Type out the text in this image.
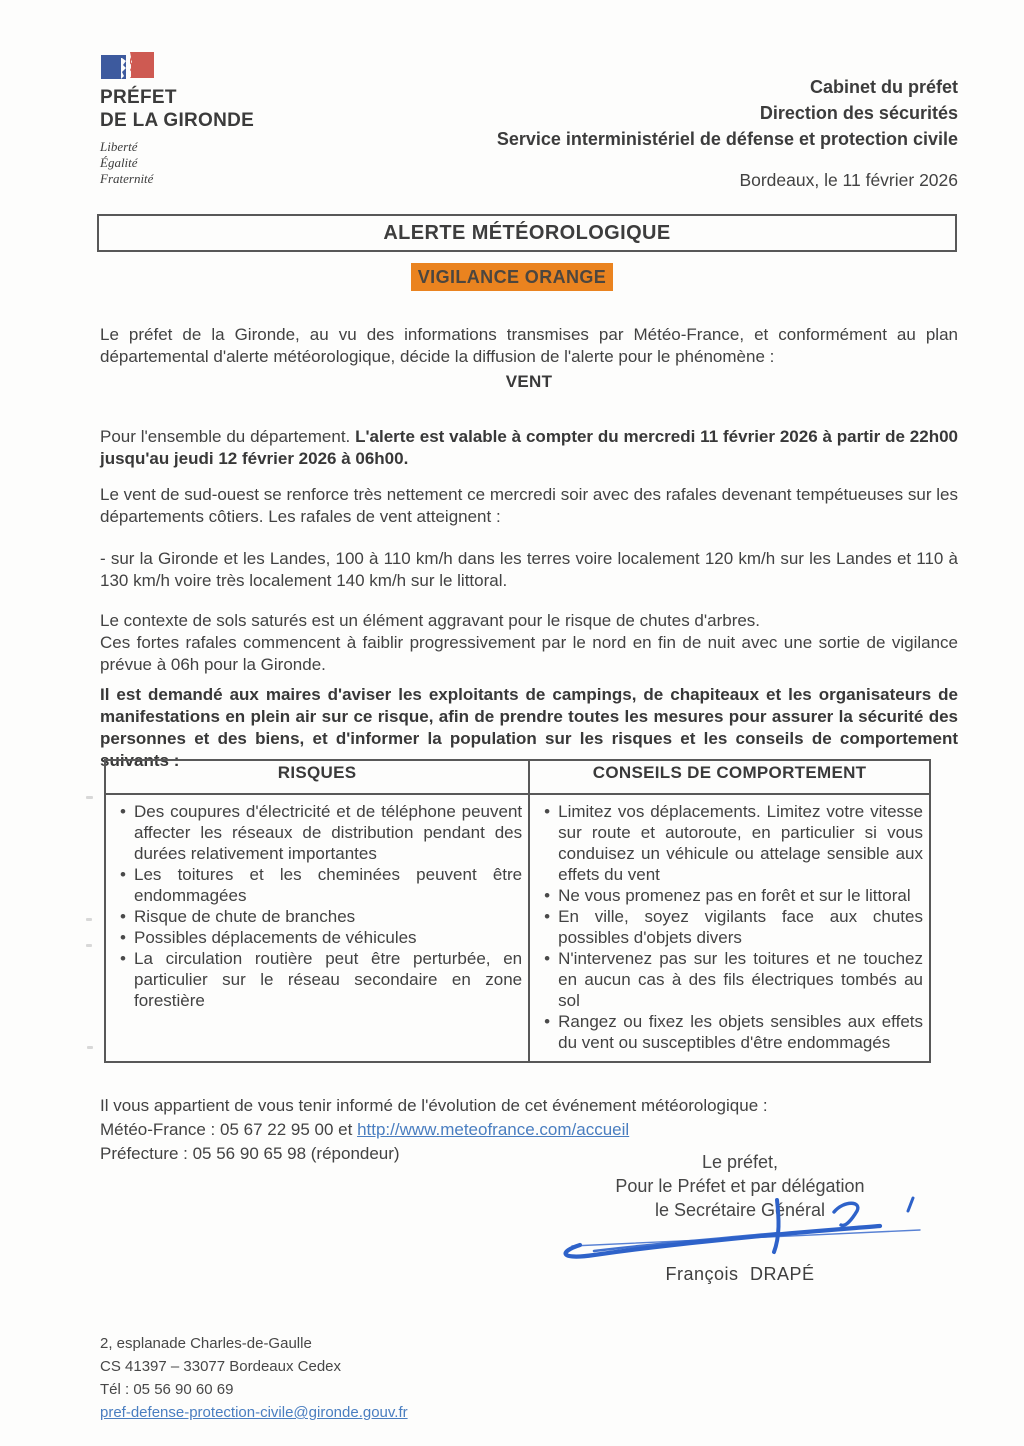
PRÉFET
DE LA GIRONDE
Liberté
Égalité
Fraternité
Cabinet du préfet
Direction des sécurités
Service interministériel de défense et protection civile
Bordeaux, le 11 février 2026
ALERTE MÉTÉOROLOGIQUE
VIGILANCE ORANGE

Le préfet de la Gironde, au vu des informations transmises par Météo-France, et conformément au plan départemental d'alerte météorologique, décide la diffusion de l'alerte pour le phénomène :

VENT

Pour l'ensemble du département. L'alerte est valable à compter du mercredi 11 février 2026 à partir de 22h00 jusqu'au jeudi 12 février 2026 à 06h00.

Le vent de sud-ouest se renforce très nettement ce mercredi soir avec des rafales devenant tempétueuses sur les départements côtiers. Les rafales de vent atteignent :

- sur la Gironde et les Landes, 100 à 110 km/h dans les terres voire localement 120 km/h sur les Landes et 110 à 130 km/h voire très localement 140 km/h sur le littoral.

Le contexte de sols saturés est un élément aggravant pour le risque de chutes d'arbres.
Ces fortes rafales commencent à faiblir progressivement par le nord en fin de nuit avec une sortie de vigilance prévue à 06h pour la Gironde.

Il est demandé aux maires d'aviser les exploitants de campings, de chapiteaux et les organisateurs de manifestations en plein air sur ce risque, afin de prendre toutes les mesures pour assurer la sécurité des personnes et des biens, et d'informer la population sur les risques et les conseils de comportement suivants :

RISQUES	CONSEILS DE COMPORTEMENT

• Des coupures d'électricité et de téléphone peuvent affecter les réseaux de distribution pendant des durées relativement importantes
• Les toitures et les cheminées peuvent être endommagées
• Risque de chute de branches
• Possibles déplacements de véhicules
• La circulation routière peut être perturbée, en particulier sur le réseau secondaire en zone forestière

• Limitez vos déplacements. Limitez votre vitesse sur route et autoroute, en particulier si vous conduisez un véhicule ou attelage sensible aux effets du vent
• Ne vous promenez pas en forêt et sur le littoral
• En ville, soyez vigilants face aux chutes possibles d'objets divers
• N'intervenez pas sur les toitures et ne touchez en aucun cas à des fils électriques tombés au sol
• Rangez ou fixez les objets sensibles aux effets du vent ou susceptibles d'être endommagés
Il vous appartient de vous tenir informé de l'évolution de cet événement météorologique :
Météo-France : 05 67 22 95 00 et http://www.meteofrance.com/accueil
Préfecture : 05 56 90 65 98 (répondeur)	Le préfet,
Pour le Préfet et par délégation
le Secrétaire Général
François DRAPÉ
2, esplanade Charles-de-Gaulle
CS 41397 – 33077 Bordeaux Cedex
Tél : 05 56 90 60 69
pref-defense-protection-civile@gironde.gouv.fr
